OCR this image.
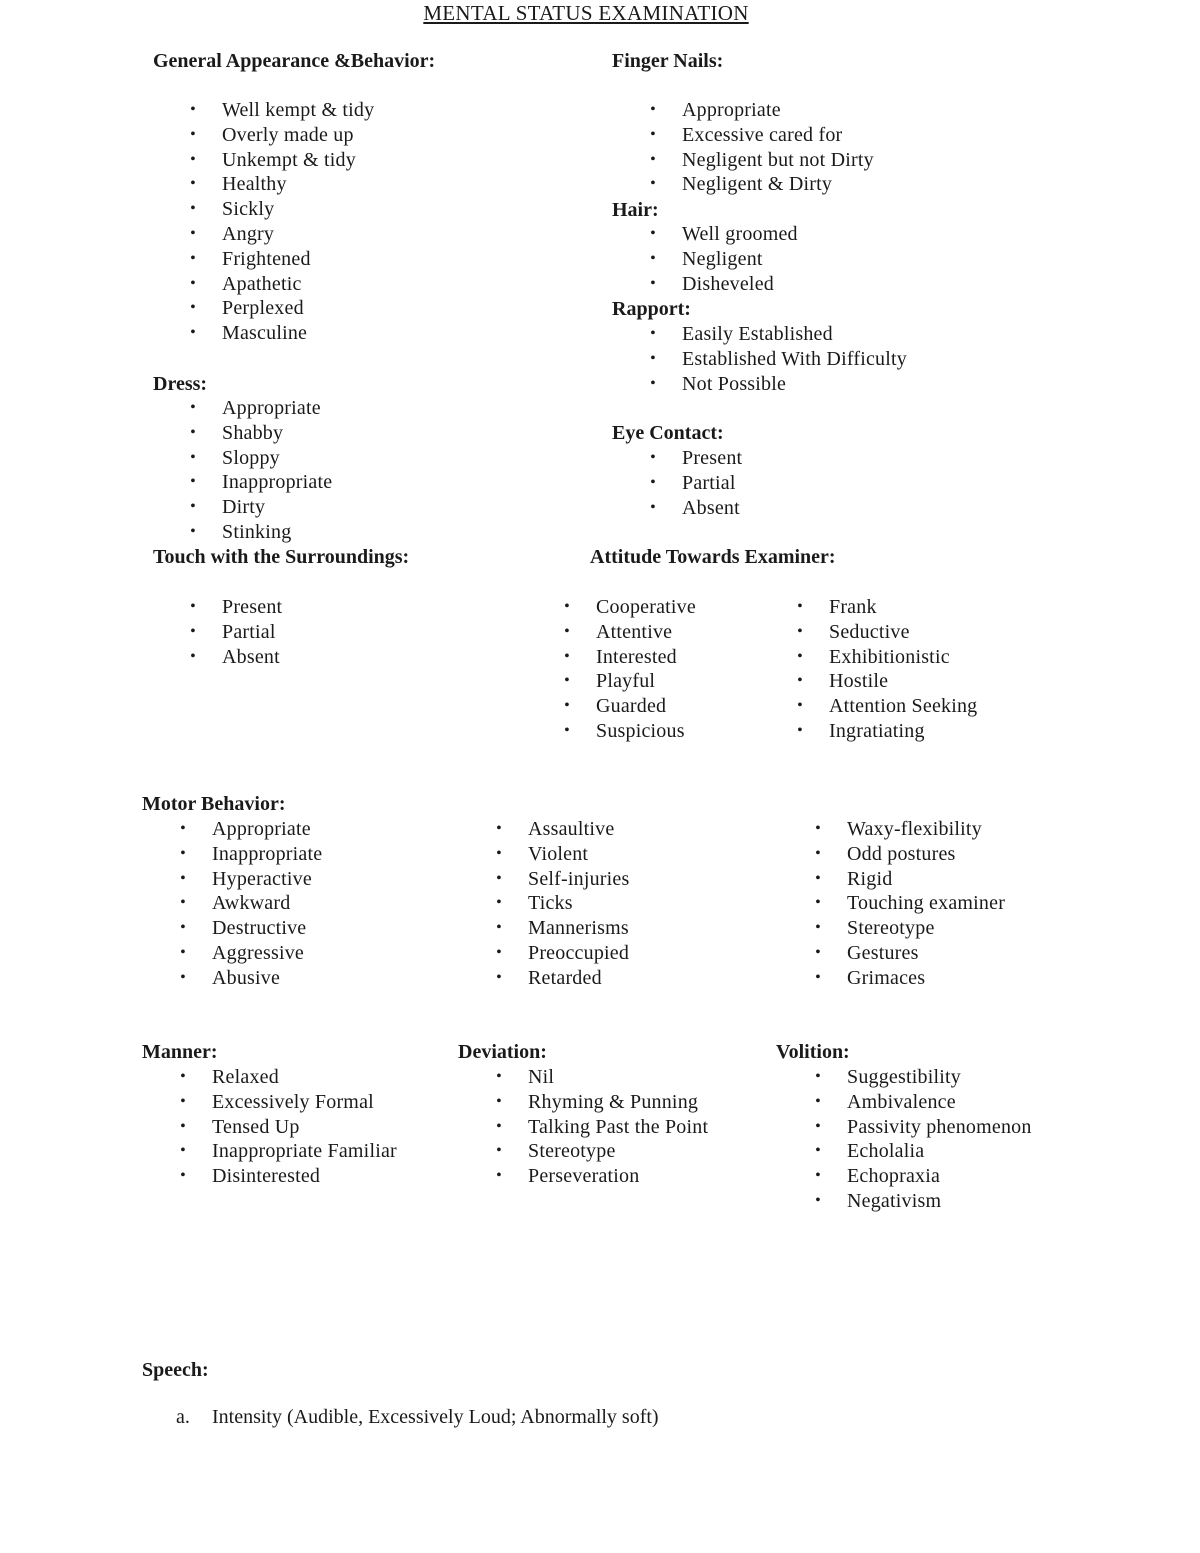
MENTAL STATUS EXAMINATION
General Appearance &Behavior:
• Well kempt & tidy
• Overly made up
• Unkempt & tidy
• Healthy
• Sickly
• Angry
• Frightened
• Apathetic
• Perplexed
• Masculine
Finger Nails:
• Appropriate
• Excessive cared for
• Negligent but not Dirty
• Negligent & Dirty
Hair:
• Well groomed
• Negligent
• Disheveled
Rapport:
• Easily Established
• Established With Difficulty
• Not Possible
Dress:
• Appropriate
• Shabby
• Sloppy
• Inappropriate
• Dirty
• Stinking
Eye Contact:
• Present
• Partial
• Absent
Touch with the Surroundings:
• Present
• Partial
• Absent
Attitude Towards Examiner:
• Cooperative
• Attentive
• Interested
• Playful
• Guarded
• Suspicious
• Frank
• Seductive
• Exhibitionistic
• Hostile
• Attention Seeking
• Ingratiating
Motor Behavior:
• Appropriate
• Inappropriate
• Hyperactive
• Awkward
• Destructive
• Aggressive
• Abusive
• Assaultive
• Violent
• Self-injuries
• Ticks
• Mannerisms
• Preoccupied
• Retarded
• Waxy-flexibility
• Odd postures
• Rigid
• Touching examiner
• Stereotype
• Gestures
• Grimaces
Manner:
• Relaxed
• Excessively Formal
• Tensed Up
• Inappropriate Familiar
• Disinterested
Deviation:
• Nil
• Rhyming & Punning
• Talking Past the Point
• Stereotype
• Perseveration
Volition:
• Suggestibility
• Ambivalence
• Passivity phenomenon
• Echolalia
• Echopraxia
• Negativism
Speech:
a. Intensity (Audible, Excessively Loud; Abnormally soft)
